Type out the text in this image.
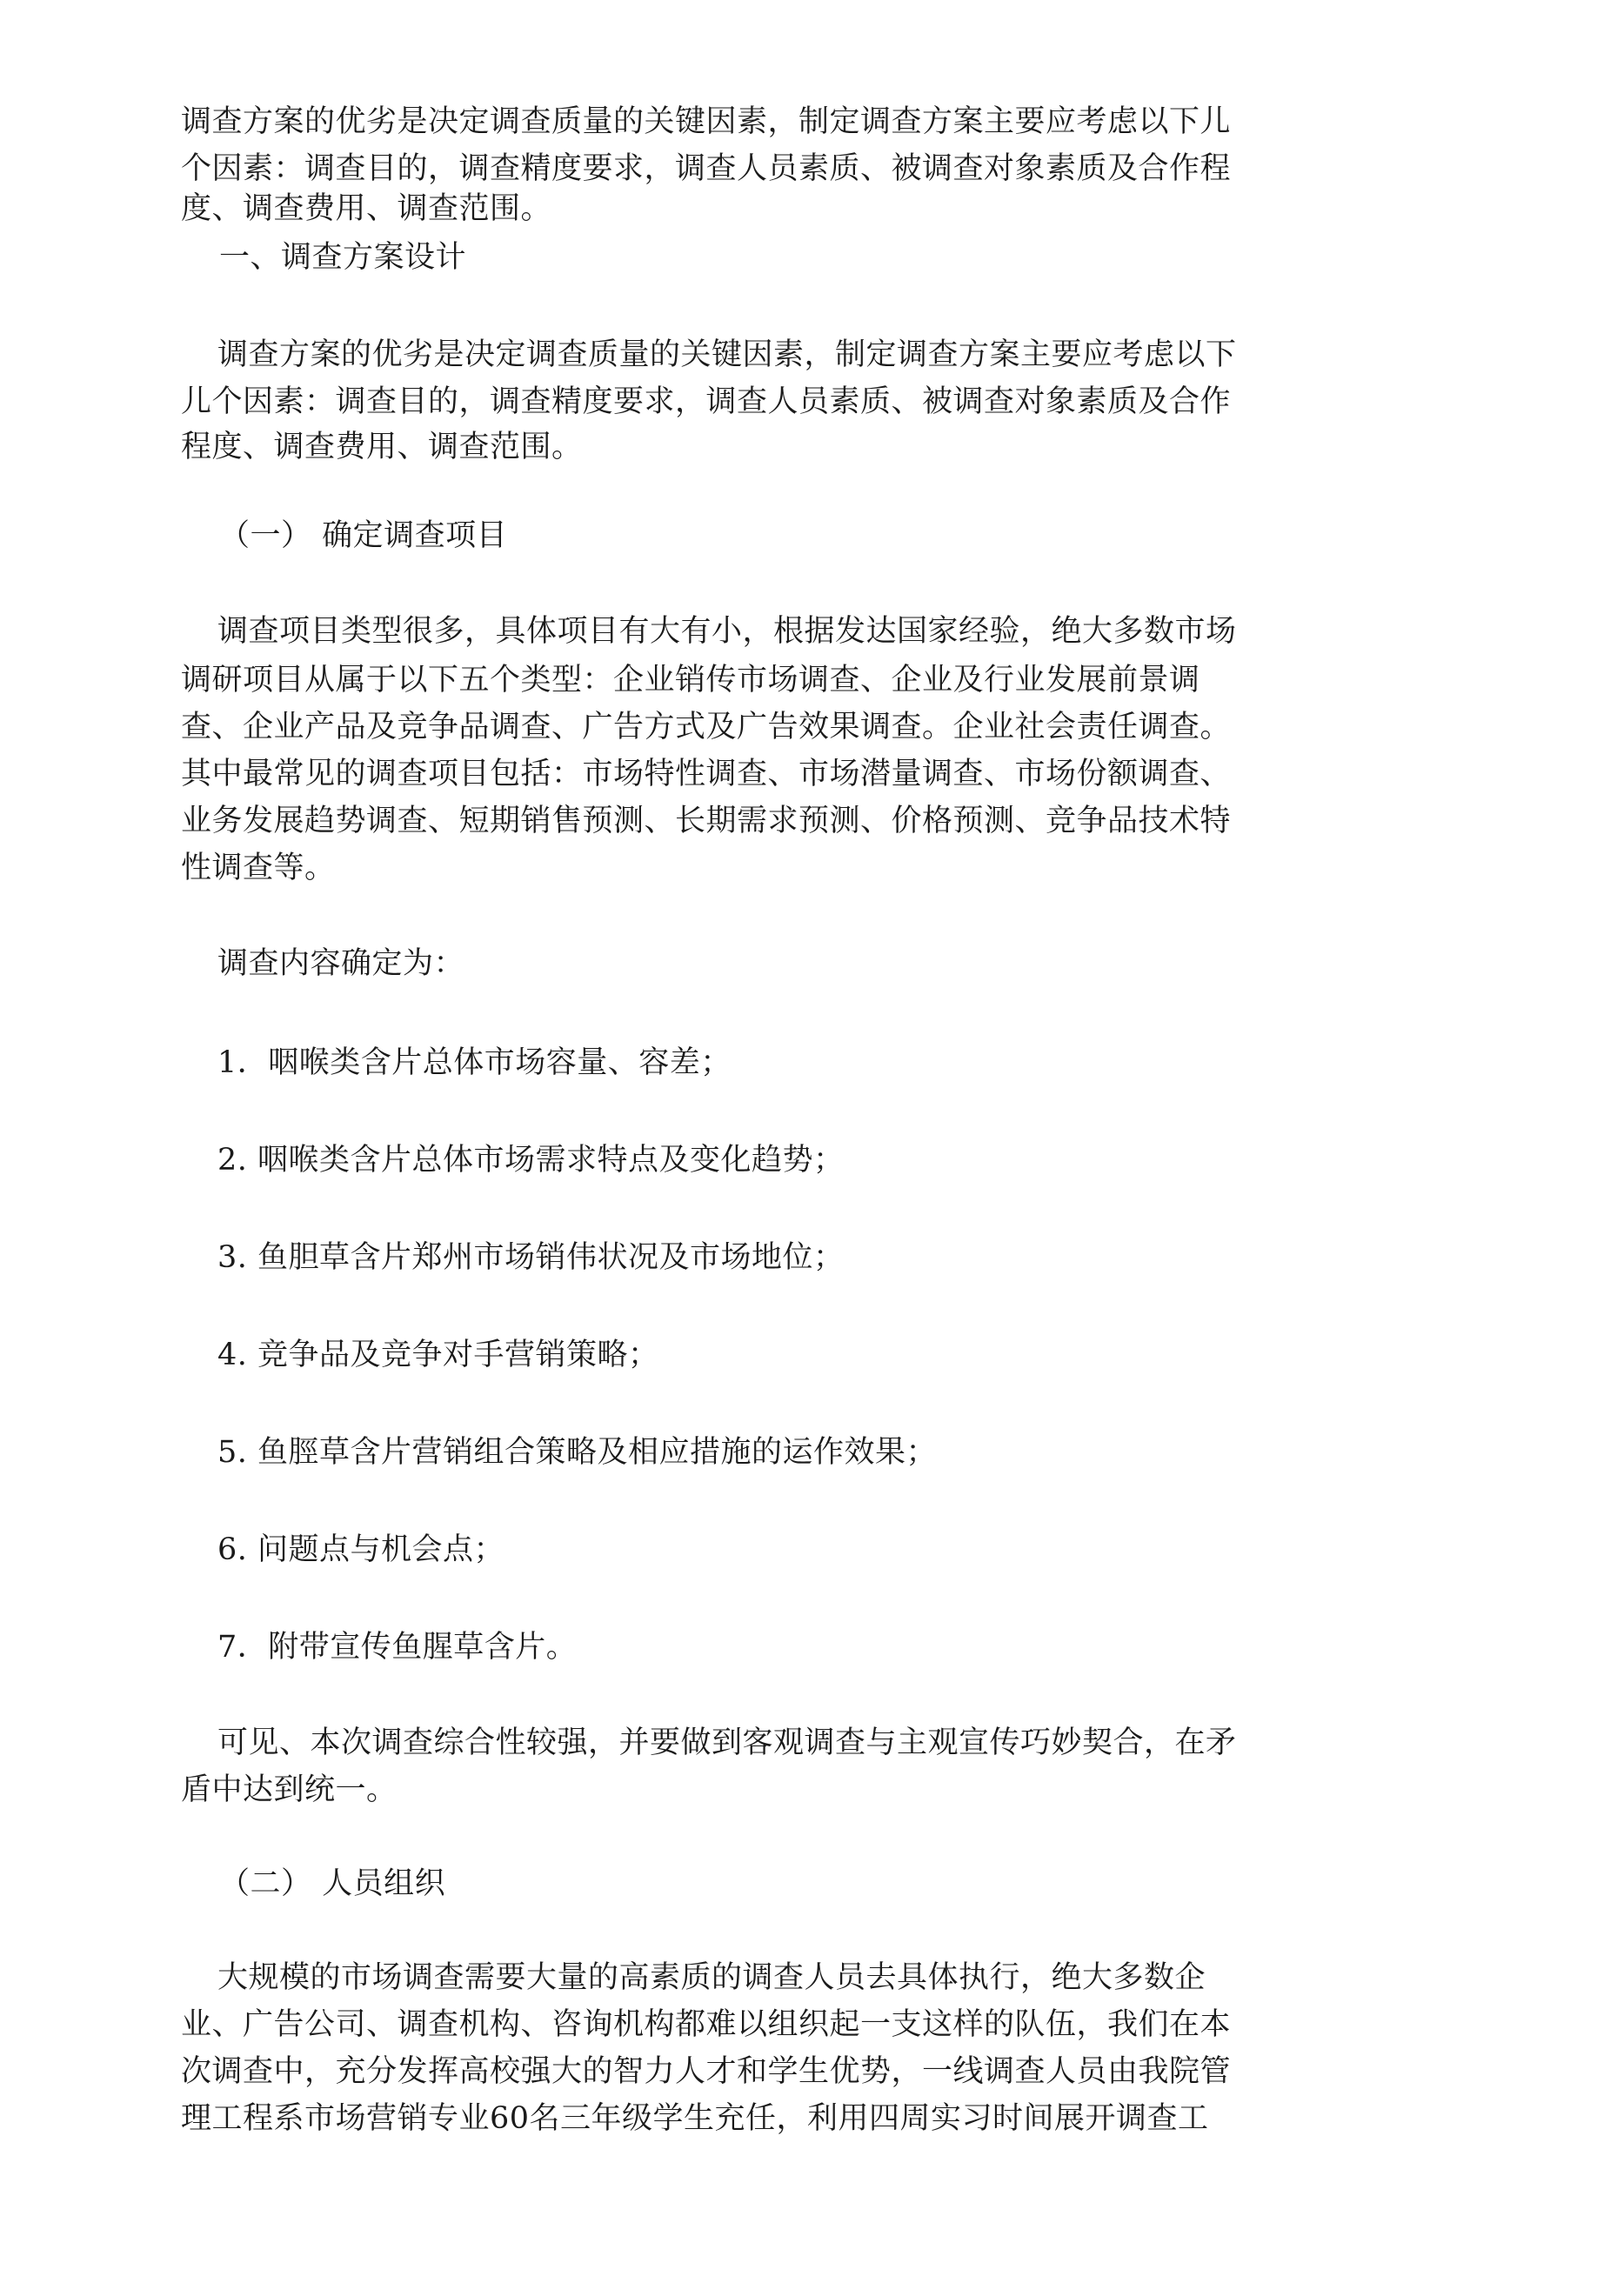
调查方案的优劣是决定调查质量的关键因素，制定调查方案主要应考虑以下儿
个因素：调查目的，调查精度要求，调查人员素质、被调查对象素质及合作程
度、调查费用、调查范围。
一、调查方案设计
调查方案的优劣是决定调查质量的关键因素，制定调查方案主要应考虑以下
儿个因素：调查目的，调查精度要求，调查人员素质、被调查对象素质及合作
程度、调查费用、调查范围。
（一） 确定调查项目
调查项目类型很多，具体项目有大有小，根据发达国家经验，绝大多数市场
调研项目从属于以下五个类型：企业销传市场调查、企业及行业发展前景调
查、企业产品及竞争品调查、广告方式及广告效果调查。企业社会责任调查。
其中最常见的调查项目包括：市场特性调查、市场潜量调查、市场份额调查、
业务发展趋势调查、短期销售预测、长期需求预测、价格预测、竞争品技术特
性调查等。
调查内容确定为：
1．咽喉类含片总体市场容量、容差；
2. 咽喉类含片总体市场需求特点及变化趋势；
3. 鱼胆草含片郑州市场销伟状况及市场地位；
4. 竞争品及竞争对手营销策略；
5. 鱼脛草含片营销组合策略及相应措施的运作效果；
6. 问题点与机会点；
7．附带宣传鱼腥草含片。
可见、本次调查综合性较强，并要做到客观调查与主观宣传巧妙契合，在矛
盾中达到统一。
（二） 人员组织
大规模的市场调查需要大量的高素质的调查人员去具体执行，绝大多数企
业、广告公司、调查机构、咨询机构都难以组织起一支这样的队伍，我们在本
次调查中，充分发挥高校强大的智力人才和学生优势，一线调查人员由我院管
理工程系市场营销专业60名三年级学生充任，利用四周实习时间展开调查工
